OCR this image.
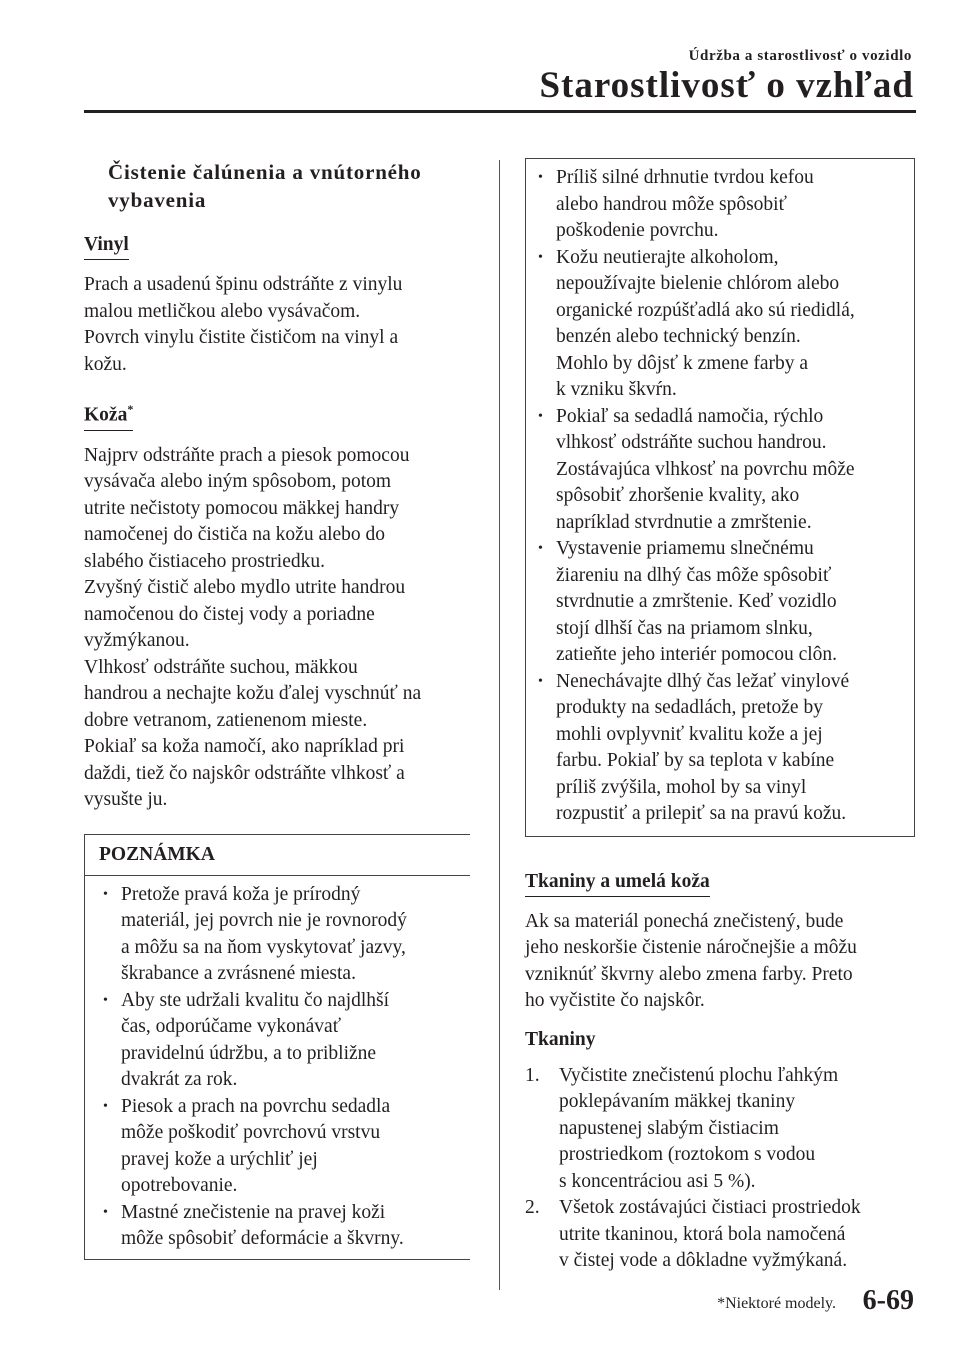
Údržba a starostlivosť o vozidlo
Starostlivosť o vzhľad
Čistenie čalúnenia a vnútorného
vybavenia
Vinyl

Prach a usadenú špinu odstráňte z vinylu
malou metličkou alebo vysávačom.
Povrch vinylu čistite čističom na vinyl a
kožu.

Koža*

Najprv odstráňte prach a piesok pomocou
vysávača alebo iným spôsobom, potom
utrite nečistoty pomocou mäkkej handry
namočenej do čističa na kožu alebo do
slabého čistiaceho prostriedku.
Zvyšný čistič alebo mydlo utrite handrou
namočenou do čistej vody a poriadne
vyžmýkanou.
Vlhkosť odstráňte suchou, mäkkou
handrou a nechajte kožu ďalej vyschnúť na
dobre vetranom, zatienenom mieste.
Pokiaľ sa koža namočí, ako napríklad pri
daždi, tiež čo najskôr odstráňte vlhkosť a
vysušte ju.

POZNÁMKA
• Pretože pravá koža je prírodný
materiál, jej povrch nie je rovnorodý
a môžu sa na ňom vyskytovať jazvy,
škrabance a zvrásnené miesta.
• Aby ste udržali kvalitu čo najdlhší
čas, odporúčame vykonávať
pravidelnú údržbu, a to približne
dvakrát za rok.
• Piesok a prach na povrchu sedadla
môže poškodiť povrchovú vrstvu
pravej kože a urýchliť jej
opotrebovanie.
• Mastné znečistenie na pravej koži
môže spôsobiť deformácie a škvrny.
• Príliš silné drhnutie tvrdou kefou
alebo handrou môže spôsobiť
poškodenie povrchu.
• Kožu neutierajte alkoholom,
nepoužívajte bielenie chlórom alebo
organické rozpúšťadlá ako sú riedidlá,
benzén alebo technický benzín.
Mohlo by dôjsť k zmene farby a
k vzniku škvŕn.
• Pokiaľ sa sedadlá namočia, rýchlo
vlhkosť odstráňte suchou handrou.
Zostávajúca vlhkosť na povrchu môže
spôsobiť zhoršenie kvality, ako
napríklad stvrdnutie a zmrštenie.
• Vystavenie priamemu slnečnému
žiareniu na dlhý čas môže spôsobiť
stvrdnutie a zmrštenie. Keď vozidlo
stojí dlhší čas na priamom slnku,
zatieňte jeho interiér pomocou clôn.
• Nenechávajte dlhý čas ležať vinylové
produkty na sedadlách, pretože by
mohli ovplyvniť kvalitu kože a jej
farbu. Pokiaľ by sa teplota v kabíne
príliš zvýšila, mohol by sa vinyl
rozpustiť a prilepiť sa na pravú kožu.
Tkaniny a umelá koža

Ak sa materiál ponechá znečistený, bude
jeho neskoršie čistenie náročnejšie a môžu
vzniknúť škvrny alebo zmena farby. Preto
ho vyčistite čo najskôr.

Tkaniny
1. Vyčistite znečistenú plochu ľahkým
poklepávaním mäkkej tkaniny
napustenej slabým čistiacim
prostriedkom (roztokom s vodou
s koncentráciou asi 5 %).
2. Všetok zostávajúci čistiaci prostriedok
utrite tkaninou, ktorá bola namočená
v čistej vode a dôkladne vyžmýkaná.
*Niektoré modely. 6-69
